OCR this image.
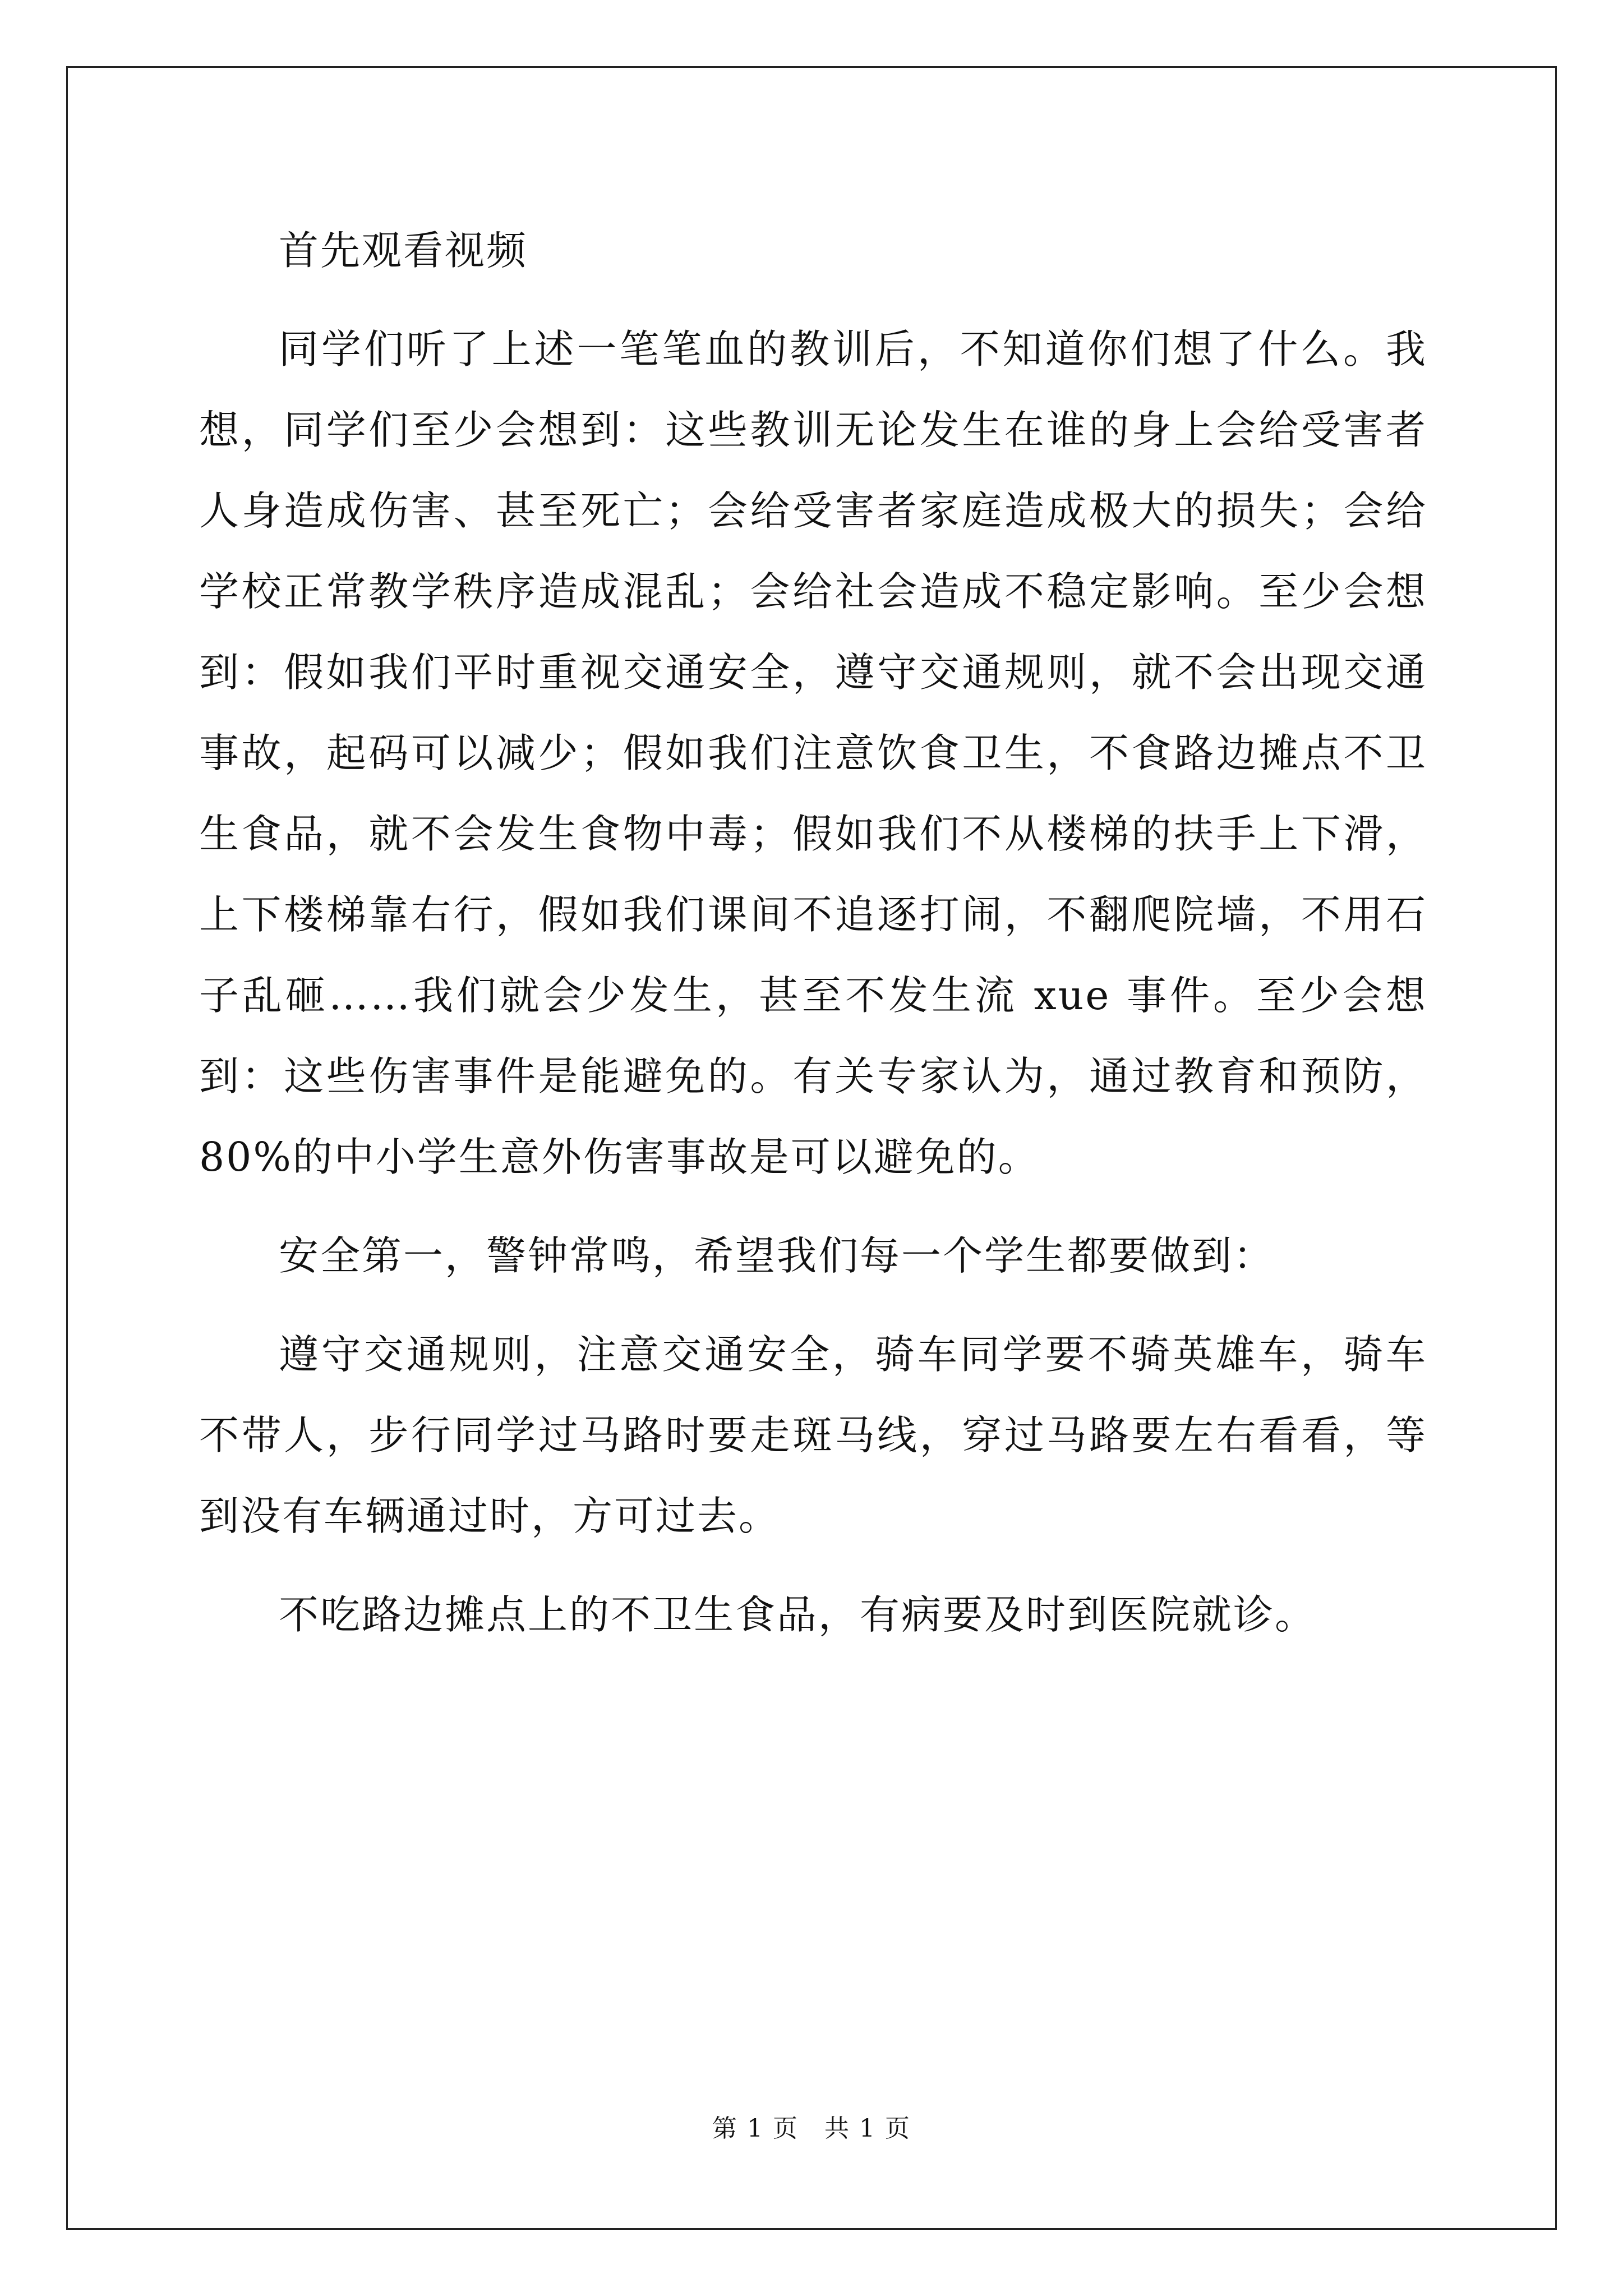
首先观看视频

同学们听了上述一笔笔血的教训后，不知道你们想了什么。我想，同学们至少会想到：这些教训无论发生在谁的身上会给受害者人身造成伤害、甚至死亡；会给受害者家庭造成极大的损失；会给学校正常教学秩序造成混乱；会给社会造成不稳定影响。至少会想到：假如我们平时重视交通安全，遵守交通规则，就不会出现交通事故，起码可以减少；假如我们注意饮食卫生，不食路边摊点不卫生食品，就不会发生食物中毒；假如我们不从楼梯的扶手上下滑，上下楼梯靠右行，假如我们课间不追逐打闹，不翻爬院墙，不用石子乱砸……我们就会少发生，甚至不发生流 xue 事件。至少会想到：这些伤害事件是能避免的。有关专家认为，通过教育和预防，80%的中小学生意外伤害事故是可以避免的。

安全第一，警钟常鸣，希望我们每一个学生都要做到：

遵守交通规则，注意交通安全，骑车同学要不骑英雄车，骑车不带人，步行同学过马路时要走斑马线，穿过马路要左右看看，等到没有车辆通过时，方可过去。

不吃路边摊点上的不卫生食品，有病要及时到医院就诊。

第 1 页　共 1 页
